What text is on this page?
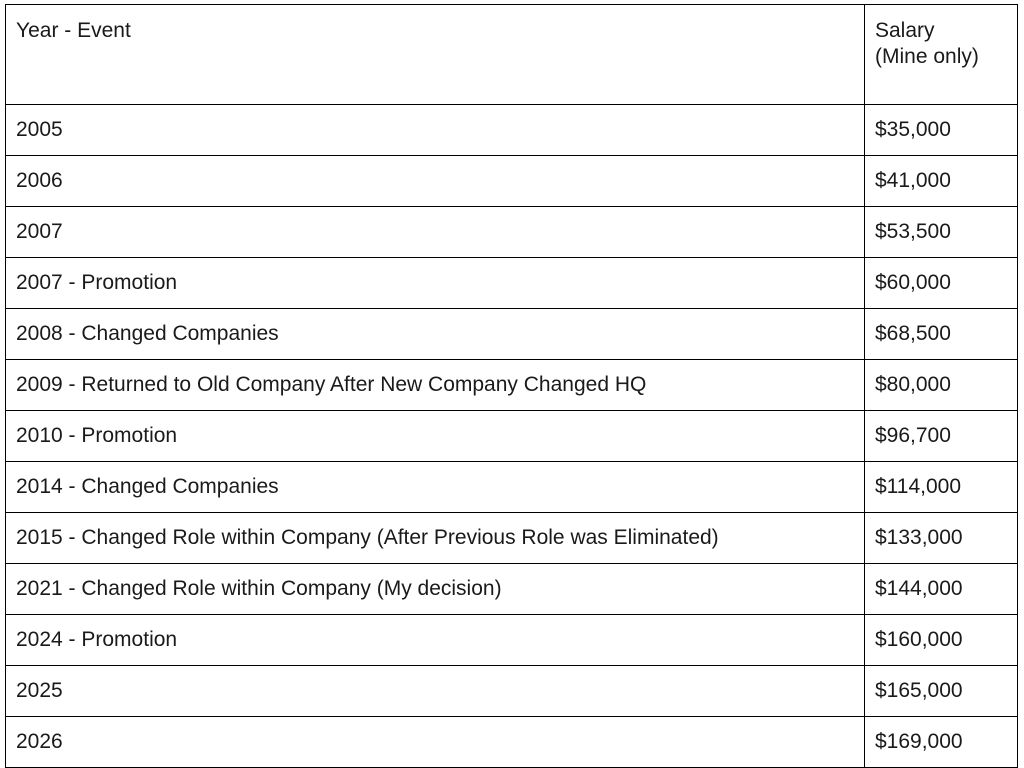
Year - Event	Salary
(Mine only)

2005	$35,000
2006	$41,000
2007	$53,500
2007 - Promotion	$60,000
2008 - Changed Companies	$68,500
2009 - Returned to Old Company After New Company Changed HQ	$80,000
2010 - Promotion	$96,700
2014 - Changed Companies	$114,000
2015 - Changed Role within Company (After Previous Role was Eliminated)	$133,000
2021 - Changed Role within Company (My decision)	$144,000
2024 - Promotion	$160,000
2025	$165,000
2026	$169,000
